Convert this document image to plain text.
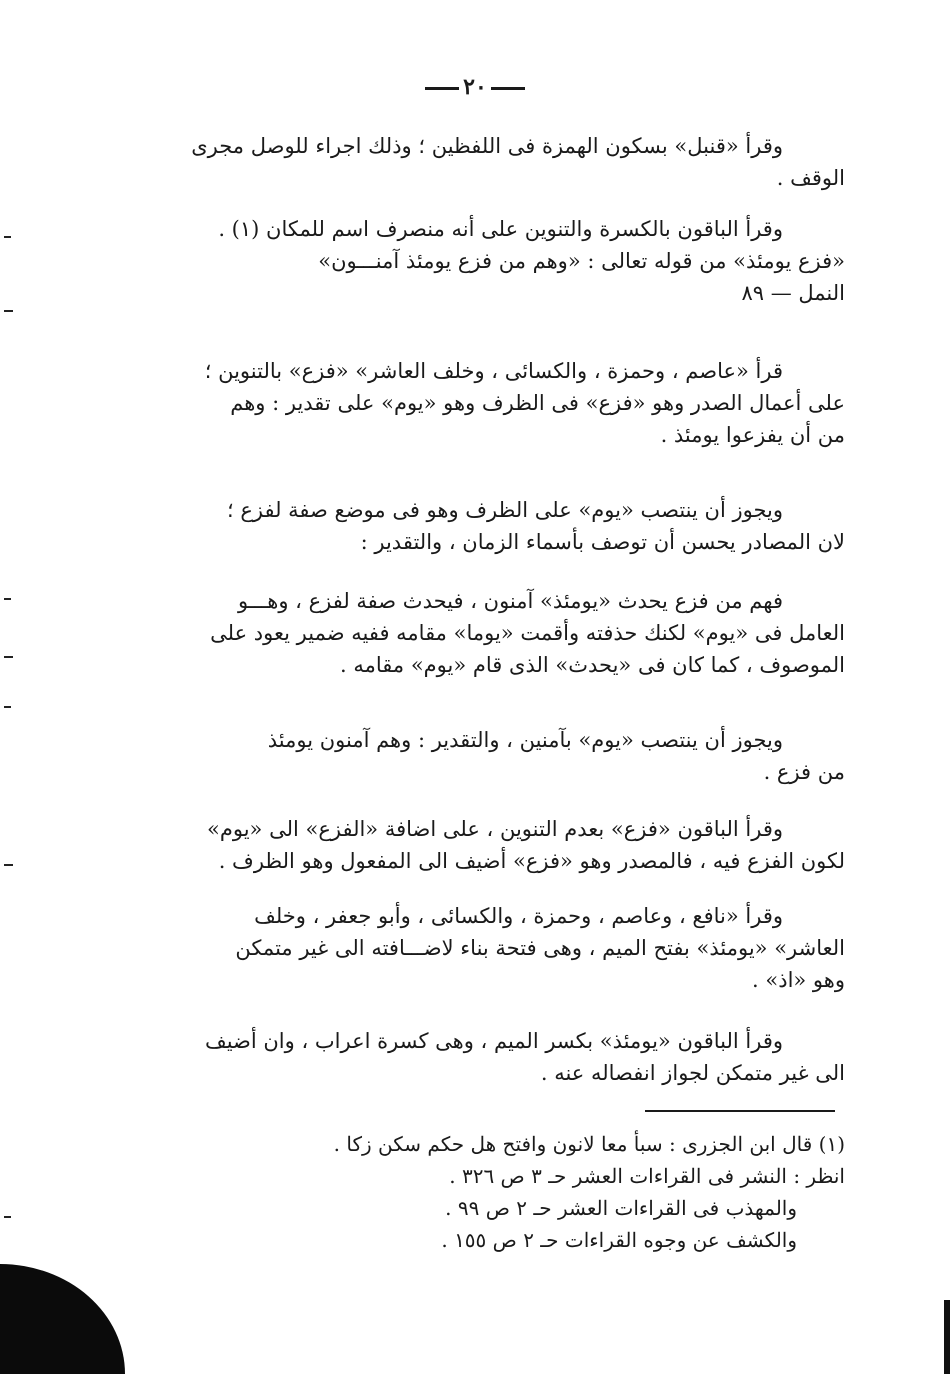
٢٠
وقرأ «قنبل» بسكون الهمزة فى اللفظين ؛ وذلك اجراء للوصل مجرى
الوقف .
وقرأ الباقون بالكسرة والتنوين على أنه منصرف اسم للمكان (١) .
«فزع يومئذ» من قوله تعالى : «وهم من فزع يومئذ آمنـــون»
النمل — ٨٩
قرأ «عاصم ، وحمزة ، والكسائى ، وخلف العاشر» «فزع» بالتنوين ؛
على أعمال الصدر وهو «فزع» فى الظرف وهو «يوم» على تقدير : وهم
من أن يفزعوا يومئذ .
ويجوز أن ينتصب «يوم» على الظرف وهو فى موضع صفة لفزع ؛
لان المصادر يحسن أن توصف بأسماء الزمان ، والتقدير :
فهم من فزع يحدث «يومئذ» آمنون ، فيحدث صفة لفزع ، وهـــو
العامل فى «يوم» لكنك حذفته وأقمت «يوما» مقامه ففيه ضمير يعود على
الموصوف ، كما كان فى «يحدث» الذى قام «يوم» مقامه .
ويجوز أن ينتصب «يوم» بآمنين ، والتقدير : وهم آمنون يومئذ
من فزع .
وقرأ الباقون «فزع» بعدم التنوين ، على اضافة «الفزع» الى «يوم»
لكون الفزع فيه ، فالمصدر وهو «فزع» أضيف الى المفعول وهو الظرف .
وقرأ «نافع ، وعاصم ، وحمزة ، والكسائى ، وأبو جعفر ، وخلف
العاشر» «يومئذ» بفتح الميم ، وهى فتحة بناء لاضـــافته الى غير متمكن
وهو «اذ» .
وقرأ الباقون «يومئذ» بكسر الميم ، وهى كسرة اعراب ، وان أضيف
الى غير متمكن لجواز انفصاله عنه .
(١) قال ابن الجزرى : سبأ معا لانون وافتح هل حكم سكن زكا .
انظر : النشر فى القراءات العشر حـ ٣ ص ٣٢٦ .
والمهذب فى القراءات العشر حـ ٢ ص ٩٩ .
والكشف عن وجوه القراءات حـ ٢ ص ١٥٥ .
